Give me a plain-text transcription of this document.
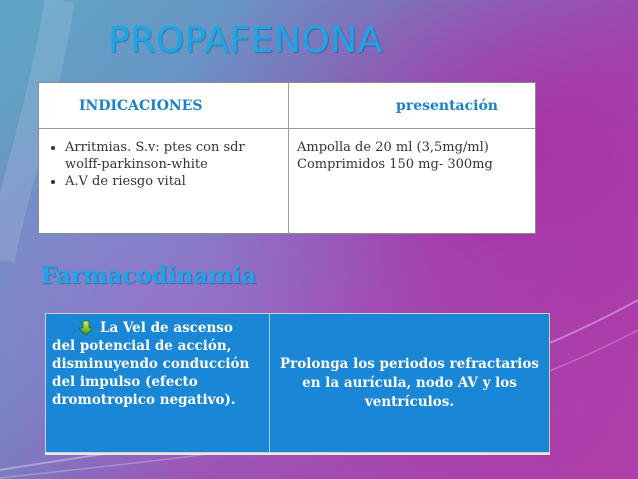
PROPAFENONA
INDICACIONES	presentación
• Arritmias. S.v: ptes con sdr wolff-parkinson-white
• A.V de riesgo vital
Ampolla de 20 ml (3,5mg/ml)
Comprimidos 150 mg- 300mg
Farmacodinamia
La Vel de ascenso
del potencial de acción, disminuyendo conducción del impulso (efecto dromotropico negativo).
Prolonga los periodos refractarios en la aurícula, nodo AV y los ventrículos.
